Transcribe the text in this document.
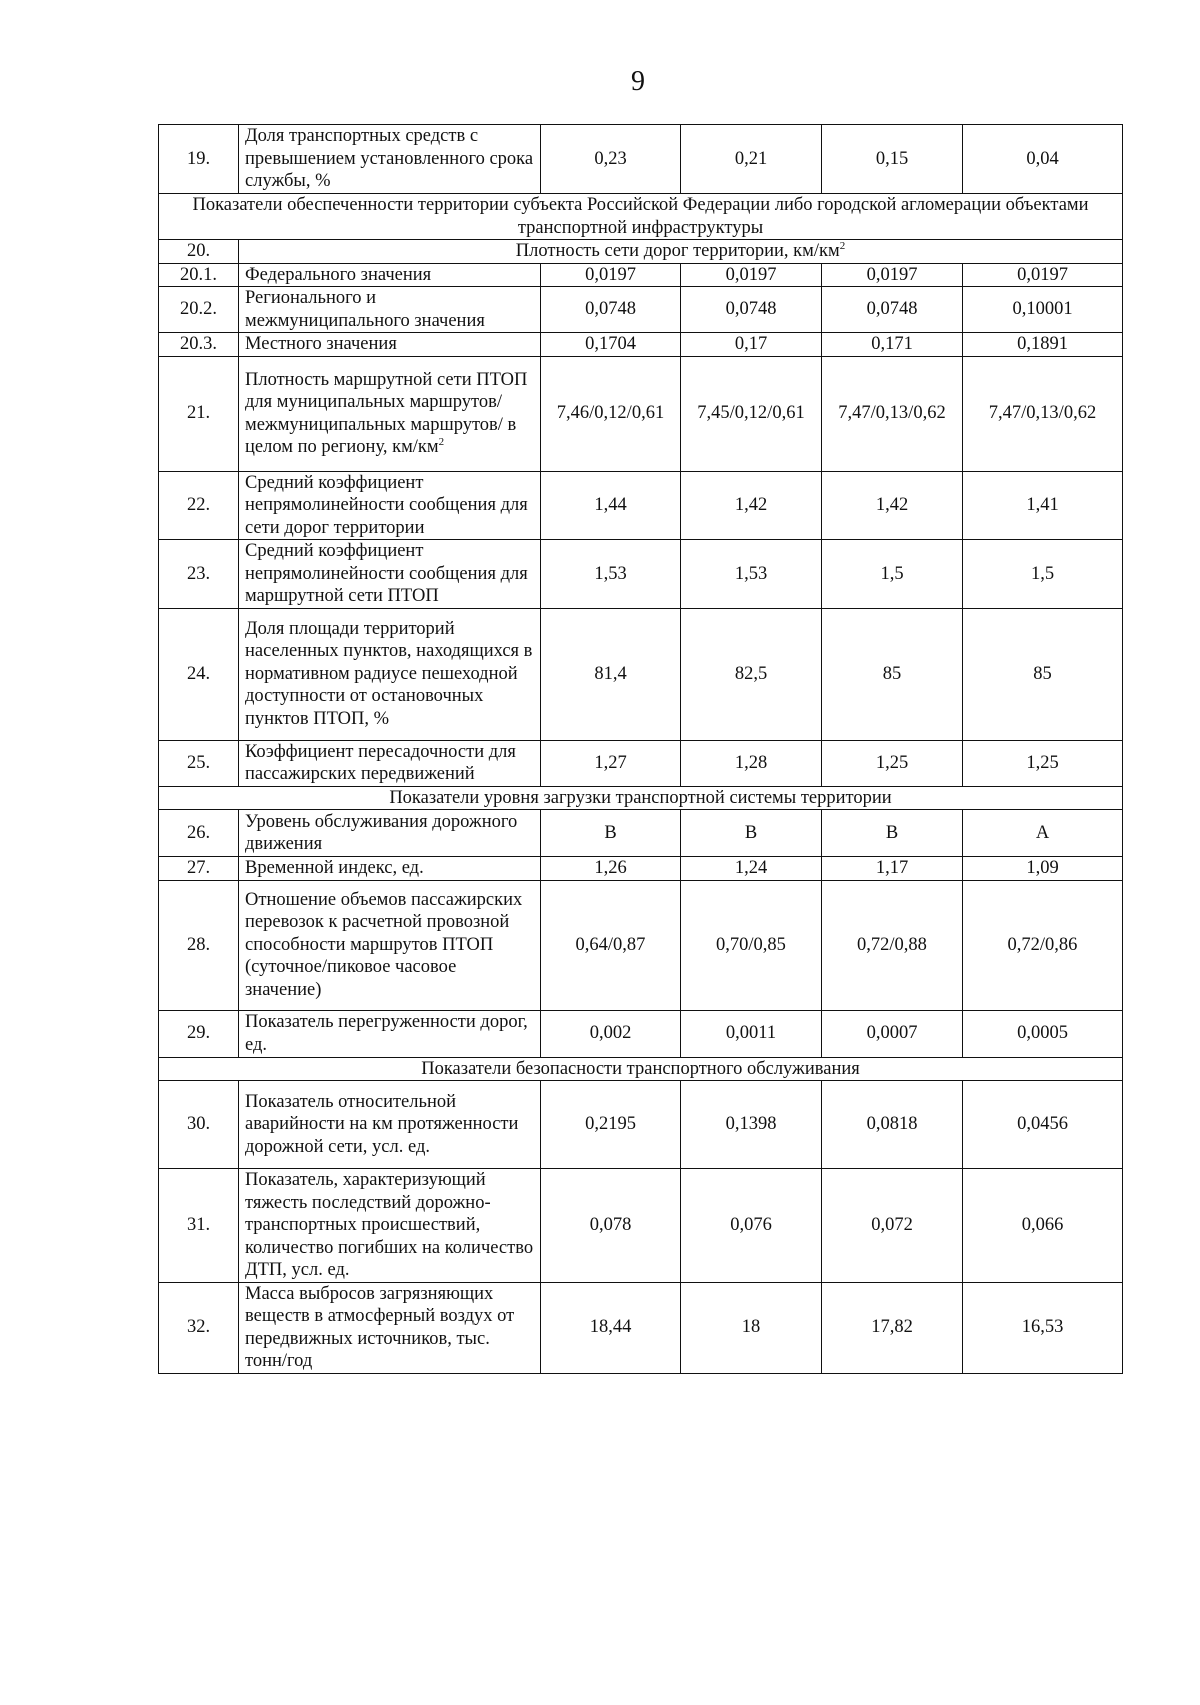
9
19.	Доля транспортных средств с превышением установленного срока службы, %	0,23	0,21	0,15	0,04
Показатели обеспеченности территории субъекта Российской Федерации либо городской агломерации объектами транспортной инфраструктуры					
20.	Плотность сети дорог территории, $км/км^2$
20.1.	Федерального значения	0,0197	0,0197	0,0197	0,0197
20.2.	Регионального и межмуниципального значения	0,0748	0,0748	0,0748	0,10001
20.3.	Местного значения	0,1704	0,17	0,171	0,1891
21.	Плотность маршрутной сети ПТОП для муниципальных маршрутов/ межмуниципальных маршрутов/ в целом по региону, $км/км^2$	7,46/0,12/0,61	7,45/0,12/0,61	7,47/0,13/0,62	7,47/0,13/0,62
22.	Средний коэффициент непрямолинейности сообщения для сети дорог территории	1,44	1,42	1,42	1,41
23.	Средний коэффициент непрямолинейности сообщения для маршрутной сети ПТОП	1,53	1,53	1,5	1,5
24.	Доля площади территорий населенных пунктов, находящихся в нормативном радиусе пешеходной доступности от остановочных пунктов ПТОП, %	81,4	82,5	85	85
25.	Коэффициент пересадочности для пассажирских передвижений	1,27	1,28	1,25	1,25
Показатели уровня загрузки транспортной системы территории					
26.	Уровень обслуживания дорожного движения	B	B	B	A
27.	Временной индекс, ед.	1,26	1,24	1,17	1,09
28.	Отношение объемов пассажирских перевозок к расчетной провозной способности маршрутов ПТОП (суточное/пиковое часовое значение)	0,64/0,87	0,70/0,85	0,72/0,88	0,72/0,86
29.	Показатель перегруженности дорог, ед.	0,002	0,0011	0,0007	0,0005
Показатели безопасности транспортного обслуживания					
30.	Показатель относительной аварийности на км протяженности дорожной сети, усл. ед.	0,2195	0,1398	0,0818	0,0456
31.	Показатель, характеризующий тяжесть последствий дорожно-транспортных происшествий, количество погибших на количество ДТП, усл. ед.	0,078	0,076	0,072	0,066
32.	Масса выбросов загрязняющих веществ в атмосферный воздух от передвижных источников, тыс. тонн/год	18,44	18	17,82	16,53
